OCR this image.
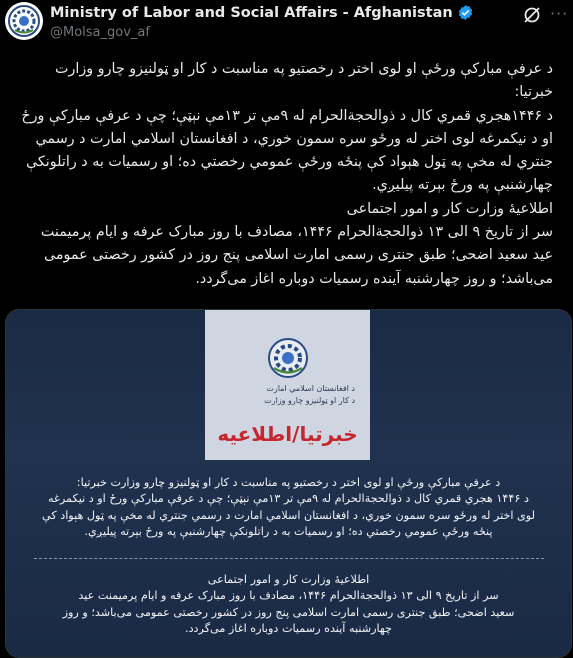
Ministry of Labor and Social Affairs - Afghanistan
@Molsa_gov_af
···

د عرفې مبارکې ورځې او لوی اختر د رخصتیو په مناسبت د کار او ټولنیزو چارو وزارت خبرتیا:

د ۱۴۴۶هجري قمري کال د ذوالحجةالحرام له ۹مې تر ۱۳مې نېټې؛ چې د عرفې مبارکې ورځ او د نیکمرغه لوی اختر له ورځو سره سمون خوري، د افغانستان اسلامي امارت د رسمي جنتري له مخې په ټول هېواد کې پنځه ورځې عمومي رخصتي ده؛ او رسمیات به د راتلونکې چهارشنبې په ورځ بېرته پیلیږي.

اطلاعیهٔ وزارت کار و امور اجتماعی

سر از تاریخ ۹ الی ۱۳ ذوالحجةالحرام ۱۴۴۶، مصادف با روز مبارک عرفه و ایام پرمیمنت عید سعید اضحی؛ طبق جنتری رسمی امارت اسلامی پنج روز در کشور رخصتی عمومی می‌باشد؛ و روز چهارشنبه آینده رسمیات دوباره اغاز می‌گردد.

د افغانستان اسلامي امارت
د کار او ټولنیزو چارو وزارت
خبرتیا/اطلاعیه

د عرفې مبارکې ورځې او لوی اختر د رخصتیو په مناسبت د کار او ټولنیزو چارو وزارت خبرتیا:

د ۱۴۴۶ هجري قمري کال د ذوالحجةالحرام له ۹مې تر ۱۳مې نېټې؛ چې د عرفې مبارکې ورځ او د نیکمرغه

لوی اختر له ورځو سره سمون خوري، د افغانستان اسلامي امارت د رسمي جنتري له مخې په ټول هېواد کې

پنځه ورځې عمومي رخصتي ده؛ او رسمیات به د راتلونکې چهارشنبې په ورځ بېرته پیلیږي.

اطلاعیهٔ وزارت کار و امور اجتماعی

سر از تاریخ ۹ الی ۱۳ ذوالحجةالحرام ۱۴۴۶، مصادف با روز مبارک عرفه و ایام پرمیمنت عید

سعید اضحی؛ طبق جنتری رسمی امارت اسلامی پنج روز در کشور رخصتی عمومی می‌باشد؛ و روز

چهارشنبه آینده رسمیات دوباره اغاز می‌گردد.
